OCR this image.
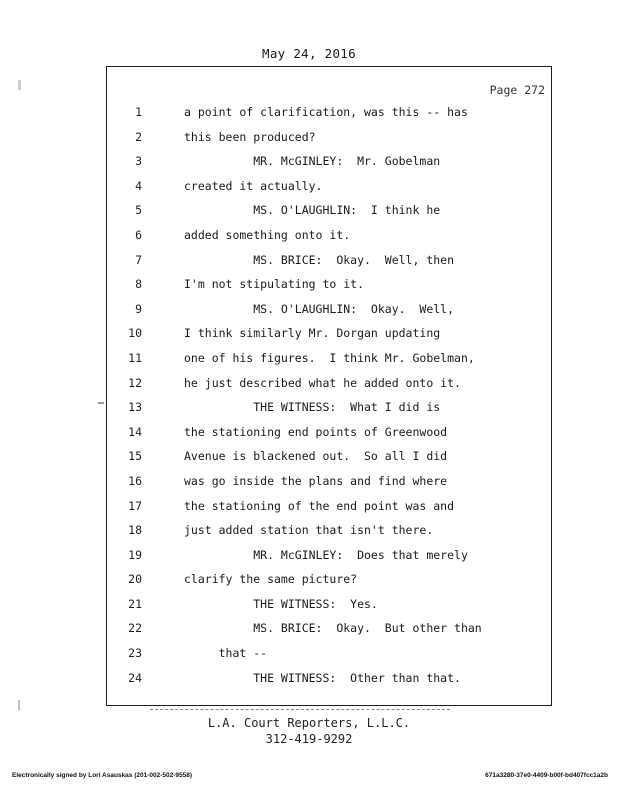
May 24, 2016
Page 272
1
2
3
4
5
6
7
8
9
10
11
12
13
14
15
16
17
18
19
20
21
22
23
24
a point of clarification, was this -- has
this been produced?
MR. McGINLEY:  Mr. Gobelman
created it actually.
MS. O'LAUGHLIN:  I think he
added something onto it.
MS. BRICE:  Okay.  Well, then
I'm not stipulating to it.
MS. O'LAUGHLIN:  Okay.  Well,
I think similarly Mr. Dorgan updating
one of his figures.  I think Mr. Gobelman,
he just described what he added onto it.
THE WITNESS:  What I did is
the stationing end points of Greenwood
Avenue is blackened out.  So all I did
was go inside the plans and find where
the stationing of the end point was and
just added station that isn't there.
MR. McGINLEY:  Does that merely
clarify the same picture?
THE WITNESS:  Yes.
MS. BRICE:  Okay.  But other than
that --
THE WITNESS:  Other than that.
L.A. Court Reporters, L.L.C.
312-419-9292
Electronically signed by Lori Asauskas (201-002-502-9558)	671a3280-37e0-4409-b00f-bd407fcc1a2b
